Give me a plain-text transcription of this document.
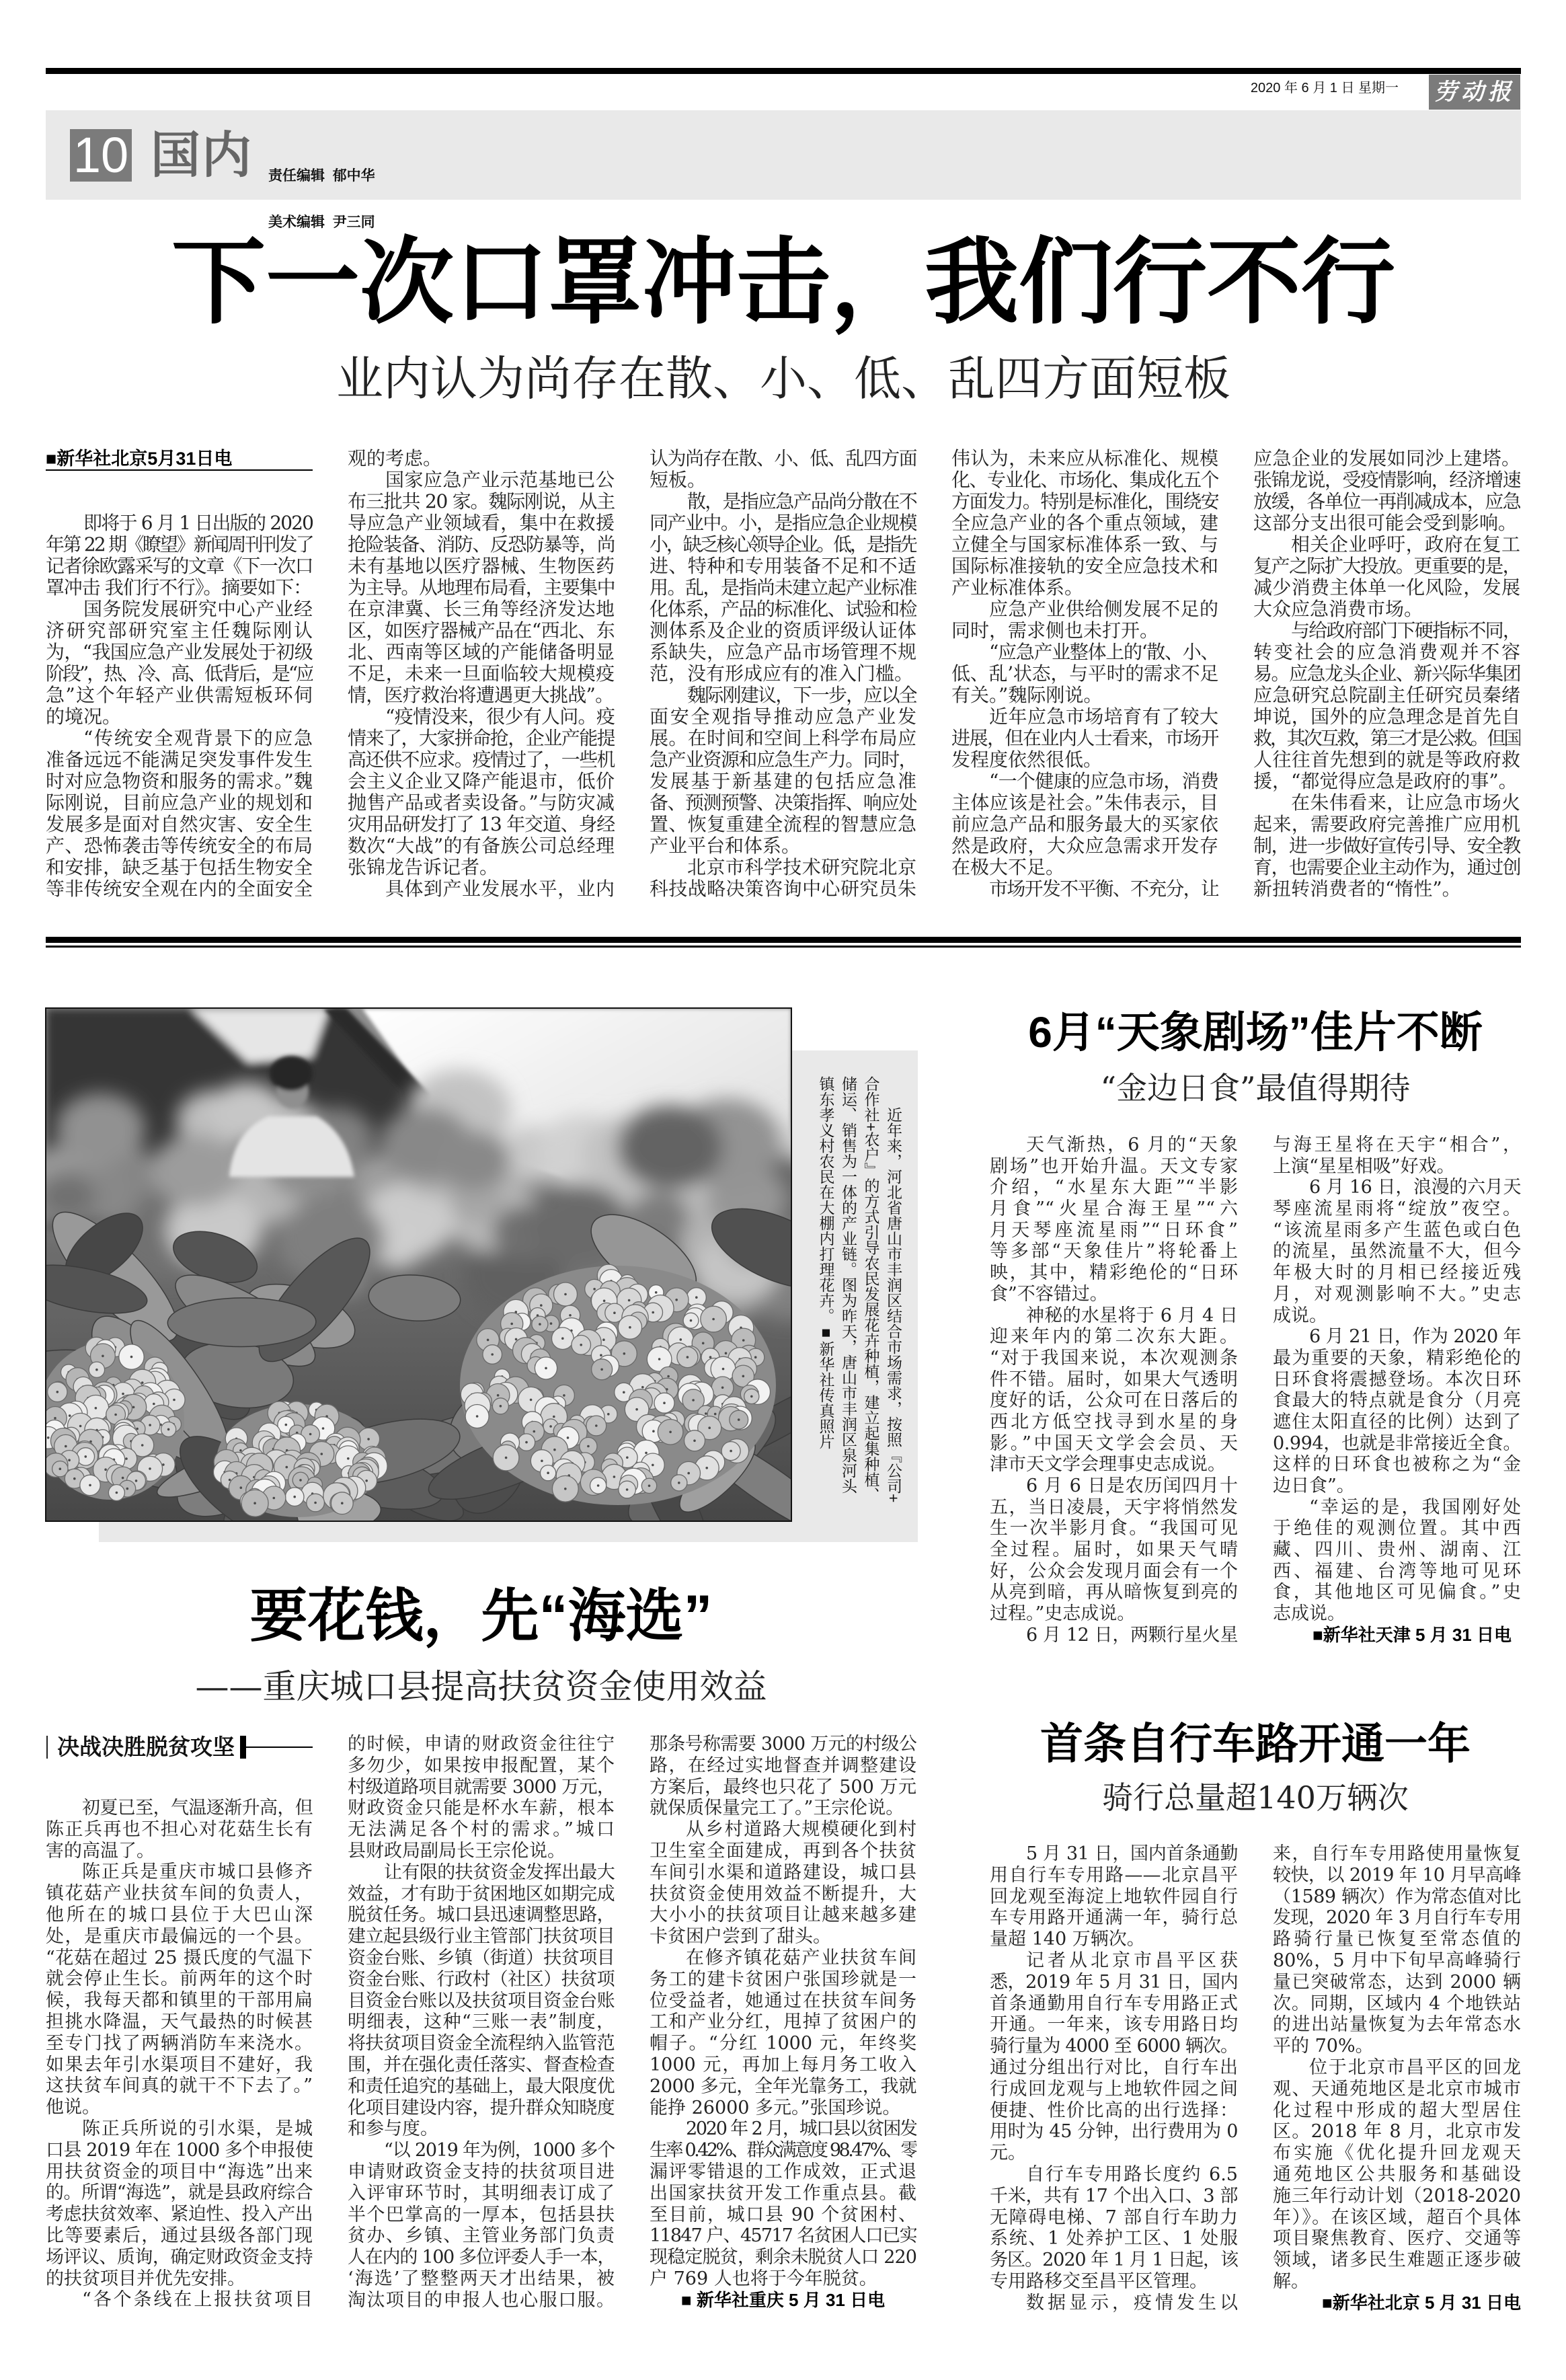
2020 年 6 月 1 日 星期一 劳动报
10 国内

责任编辑  郁中华

美术编辑  尹三同

下一次口罩冲击，我们行不行
业内认为尚存在散、小、低、乱四方面短板
■新华社北京5月31日电
即将于 6 月 1 日出版的 2020
年第 22 期《瞭望》新闻周刊刊发了
记者徐欧露采写的文章《下一次口
罩冲击 我们行不行》。摘要如下：
国务院发展研究中心产业经
济研究部研究室主任魏际刚认
为，“我国应急产业发展处于初级
阶段”，热、冷、高、低背后，是“应
急”这个年轻产业供需短板环伺
的境况。
“传统安全观背景下的应急
准备远远不能满足突发事件发生
时对应急物资和服务的需求。”魏
际刚说，目前应急产业的规划和
发展多是面对自然灾害、安全生
产、恐怖袭击等传统安全的布局
和安排，缺乏基于包括生物安全
等非传统安全观在内的全面安全
观的考虑。
国家应急产业示范基地已公
布三批共 20 家。魏际刚说，从主
导应急产业领域看，集中在救援
抢险装备、消防、反恐防暴等，尚
未有基地以医疗器械、生物医药
为主导。从地理布局看，主要集中
在京津冀、长三角等经济发达地
区，如医疗器械产品在“西北、东
北、西南等区域的产能储备明显
不足，未来一旦面临较大规模疫
情，医疗救治将遭遇更大挑战”。
“疫情没来，很少有人问。疫
情来了，大家拼命抢，企业产能提
高还供不应求。疫情过了，一些机
会主义企业又降产能退市，低价
抛售产品或者卖设备。”与防灾减
灾用品研发打了 13 年交道、身经
数次“大战”的有备族公司总经理
张锦龙告诉记者。
具体到产业发展水平，业内
认为尚存在散、小、低、乱四方面
短板。
散，是指应急产品尚分散在不
同产业中。小，是指应急企业规模
小，缺乏核心领导企业。低，是指先
进、特种和专用装备不足和不适
用。乱，是指尚未建立起产业标准
化体系，产品的标准化、试验和检
测体系及企业的资质评级认证体
系缺失，应急产品市场管理不规
范，没有形成应有的准入门槛。
魏际刚建议，下一步，应以全
面安全观指导推动应急产业发
展。在时间和空间上科学布局应
急产业资源和应急生产力。同时，
发展基于新基建的包括应急准
备、预测预警、决策指挥、响应处
置、恢复重建全流程的智慧应急
产业平台和体系。
北京市科学技术研究院北京
科技战略决策咨询中心研究员朱
伟认为，未来应从标准化、规模
化、专业化、市场化、集成化五个
方面发力。特别是标准化，围绕安
全应急产业的各个重点领域，建
立健全与国家标准体系一致、与
国际标准接轨的安全应急技术和
产业标准体系。
应急产业供给侧发展不足的
同时，需求侧也未打开。
“应急产业整体上的‘散、小、
低、乱’状态，与平时的需求不足
有关。”魏际刚说。
近年应急市场培育有了较大
进展，但在业内人士看来，市场开
发程度依然很低。
“一个健康的应急市场，消费
主体应该是社会。”朱伟表示，目
前应急产品和服务最大的买家依
然是政府，大众应急需求开发存
在极大不足。
市场开发不平衡、不充分，让
应急企业的发展如同沙上建塔。
张锦龙说，受疫情影响，经济增速
放缓，各单位一再削减成本，应急
这部分支出很可能会受到影响。
相关企业呼吁，政府在复工
复产之际扩大投放。更重要的是，
减少消费主体单一化风险，发展
大众应急消费市场。
与给政府部门下硬指标不同，
转变社会的应急消费观并不容
易。应急龙头企业、新兴际华集团
应急研究总院副主任研究员秦绪
坤说，国外的应急理念是首先自
救，其次互救，第三才是公救。但国
人往往首先想到的就是等政府救
援，“都觉得应急是政府的事”。
在朱伟看来，让应急市场火
起来，需要政府完善推广应用机
制，进一步做好宣传引导、安全教
育，也需要企业主动作为，通过创
新扭转消费者的“惰性”。
近年来，河北省唐山市丰润区结合市场需求，按照『公司+
合作社+农户』的方式引导农民发展花卉种植，建立起集种植、
储运、销售为一体的产业链。图为昨天，唐山市丰润区泉河头
镇东孝义村农民在大棚内打理花卉。■新华社传真照片
6月“天象剧场”佳片不断
“金边日食”最值得期待
天气渐热，6 月的“天象
剧场”也开始升温。天文专家
介绍，“水星东大距”“半影
月食”“火星合海王星”“六
月天琴座流星雨”“日环食”
等多部“天象佳片”将轮番上
映，其中，精彩绝伦的“日环
食”不容错过。
神秘的水星将于 6 月 4 日
迎来年内的第二次东大距。
“对于我国来说，本次观测条
件不错。届时，如果大气透明
度好的话，公众可在日落后的
西北方低空找寻到水星的身
影。”中国天文学会会员、天
津市天文学会理事史志成说。
6 月 6 日是农历闰四月十
五，当日凌晨，天宇将悄然发
生一次半影月食。“我国可见
全过程。届时，如果天气晴
好，公众会发现月面会有一个
从亮到暗，再从暗恢复到亮的
过程。”史志成说。
6 月 12 日，两颗行星火星
与海王星将在天宇“相合”，
上演“星星相吸”好戏。
6 月 16 日，浪漫的六月天
琴座流星雨将“绽放”夜空。
“该流星雨多产生蓝色或白色
的流星，虽然流量不大，但今
年极大时的月相已经接近残
月，对观测影响不大。”史志
成说。
6 月 21 日，作为 2020 年
最为重要的天象，精彩绝伦的
日环食将震撼登场。本次日环
食最大的特点就是食分（月亮
遮住太阳直径的比例）达到了
0.994，也就是非常接近全食。
这样的日环食也被称之为“金
边日食”。
“幸运的是，我国刚好处
于绝佳的观测位置。其中西
藏、四川、贵州、湖南、江
西、福建、台湾等地可见环
食，其他地区可见偏食。”史
志成说。
■新华社天津 5 月 31 日电
首条自行车路开通一年
骑行总量超140万辆次
5 月 31 日，国内首条通勤
用自行车专用路——北京昌平
回龙观至海淀上地软件园自行
车专用路开通满一年，骑行总
量超 140 万辆次。
记者从北京市昌平区获
悉，2019 年 5 月 31 日，国内
首条通勤用自行车专用路正式
开通。一年来，该专用路日均
骑行量为 4000 至 6000 辆次。
通过分组出行对比，自行车出
行成回龙观与上地软件园之间
便捷、性价比高的出行选择：
用时为 45 分钟，出行费用为 0
元。
自行车专用路长度约 6.5
千米，共有 17 个出入口、3 部
无障碍电梯、7 部自行车助力
系统、1 处养护工区、1 处服
务区。2020 年 1 月 1 日起，该
专用路移交至昌平区管理。
数据显示，疫情发生以
来，自行车专用路使用量恢复
较快，以 2019 年 10 月早高峰
（1589 辆次）作为常态值对比
发现，2020 年 3 月自行车专用
路骑行量已恢复至常态值的
80%，5 月中下旬早高峰骑行
量已突破常态，达到 2000 辆
次。同期，区域内 4 个地铁站
的进出站量恢复为去年常态水
平的 70%。
位于北京市昌平区的回龙
观、天通苑地区是北京市城市
化过程中形成的超大型居住
区。2018 年 8 月，北京市发
布实施《优化提升回龙观天
通苑地区公共服务和基础设
施三年行动计划（2018-2020
年）》。在该区域，超百个具体
项目聚焦教育、医疗、交通等
领域，诸多民生难题正逐步破
解。
■新华社北京 5 月 31 日电
要花钱，先“海选”
——重庆城口县提高扶贫资金使用效益
决战决胜脱贫攻坚
初夏已至，气温逐渐升高，但
陈正兵再也不担心对花菇生长有
害的高温了。
陈正兵是重庆市城口县修齐
镇花菇产业扶贫车间的负责人，
他所在的城口县位于大巴山深
处，是重庆市最偏远的一个县。
“花菇在超过 25 摄氏度的气温下
就会停止生长。前两年的这个时
候，我每天都和镇里的干部用扁
担挑水降温，天气最热的时候甚
至专门找了两辆消防车来浇水。
如果去年引水渠项目不建好，我
这扶贫车间真的就干不下去了。”
他说。
陈正兵所说的引水渠，是城
口县 2019 年在 1000 多个申报使
用扶贫资金的项目中“海选”出来
的。所谓“海选”，就是县政府综合
考虑扶贫效率、紧迫性、投入产出
比等要素后，通过县级各部门现
场评议、质询，确定财政资金支持
的扶贫项目并优先安排。
“各个条线在上报扶贫项目
的时候，申请的财政资金往往宁
多勿少，如果按申报配置，某个
村级道路项目就需要 3000 万元，
财政资金只能是杯水车薪，根本
无法满足各个村的需求。”城口
县财政局副局长王宗伦说。
让有限的扶贫资金发挥出最大
效益，才有助于贫困地区如期完成
脱贫任务。城口县迅速调整思路，
建立起县级行业主管部门扶贫项目
资金台账、乡镇（街道）扶贫项目
资金台账、行政村（社区）扶贫项
目资金台账以及扶贫项目资金台账
明细表，这种“三账一表”制度，
将扶贫项目资金全流程纳入监管范
围，并在强化责任落实、督查检查
和责任追究的基础上，最大限度优
化项目建设内容，提升群众知晓度
和参与度。
“以 2019 年为例，1000 多个
申请财政资金支持的扶贫项目进
入评审环节时，其明细表订成了
半个巴掌高的一厚本，包括县扶
贫办、乡镇、主管业务部门负责
人在内的 100 多位评委人手一本，
‘海选’了整整两天才出结果，被
淘汰项目的申报人也心服口服。
那条号称需要 3000 万元的村级公
路，在经过实地督查并调整建设
方案后，最终也只花了 500 万元
就保质保量完工了。”王宗伦说。
从乡村道路大规模硬化到村
卫生室全面建成，再到各个扶贫
车间引水渠和道路建设，城口县
扶贫资金使用效益不断提升，大
大小小的扶贫项目让越来越多建
卡贫困户尝到了甜头。
在修齐镇花菇产业扶贫车间
务工的建卡贫困户张国珍就是一
位受益者，她通过在扶贫车间务
工和产业分红，甩掉了贫困户的
帽子。“分红 1000 元，年终奖
1000 元，再加上每月务工收入
2000 多元，全年光靠务工，我就
能挣 26000 多元。”张国珍说。
2020 年 2 月，城口县以贫困发
生率 0.42%、群众满意度 98.47%、零
漏评零错退的工作成效，正式退
出国家扶贫开发工作重点县。截
至目前，城口县 90 个贫困村、
11847 户、45717 名贫困人口已实
现稳定脱贫，剩余未脱贫人口 220
户 769 人也将于今年脱贫。
■ 新华社重庆 5 月 31 日电
